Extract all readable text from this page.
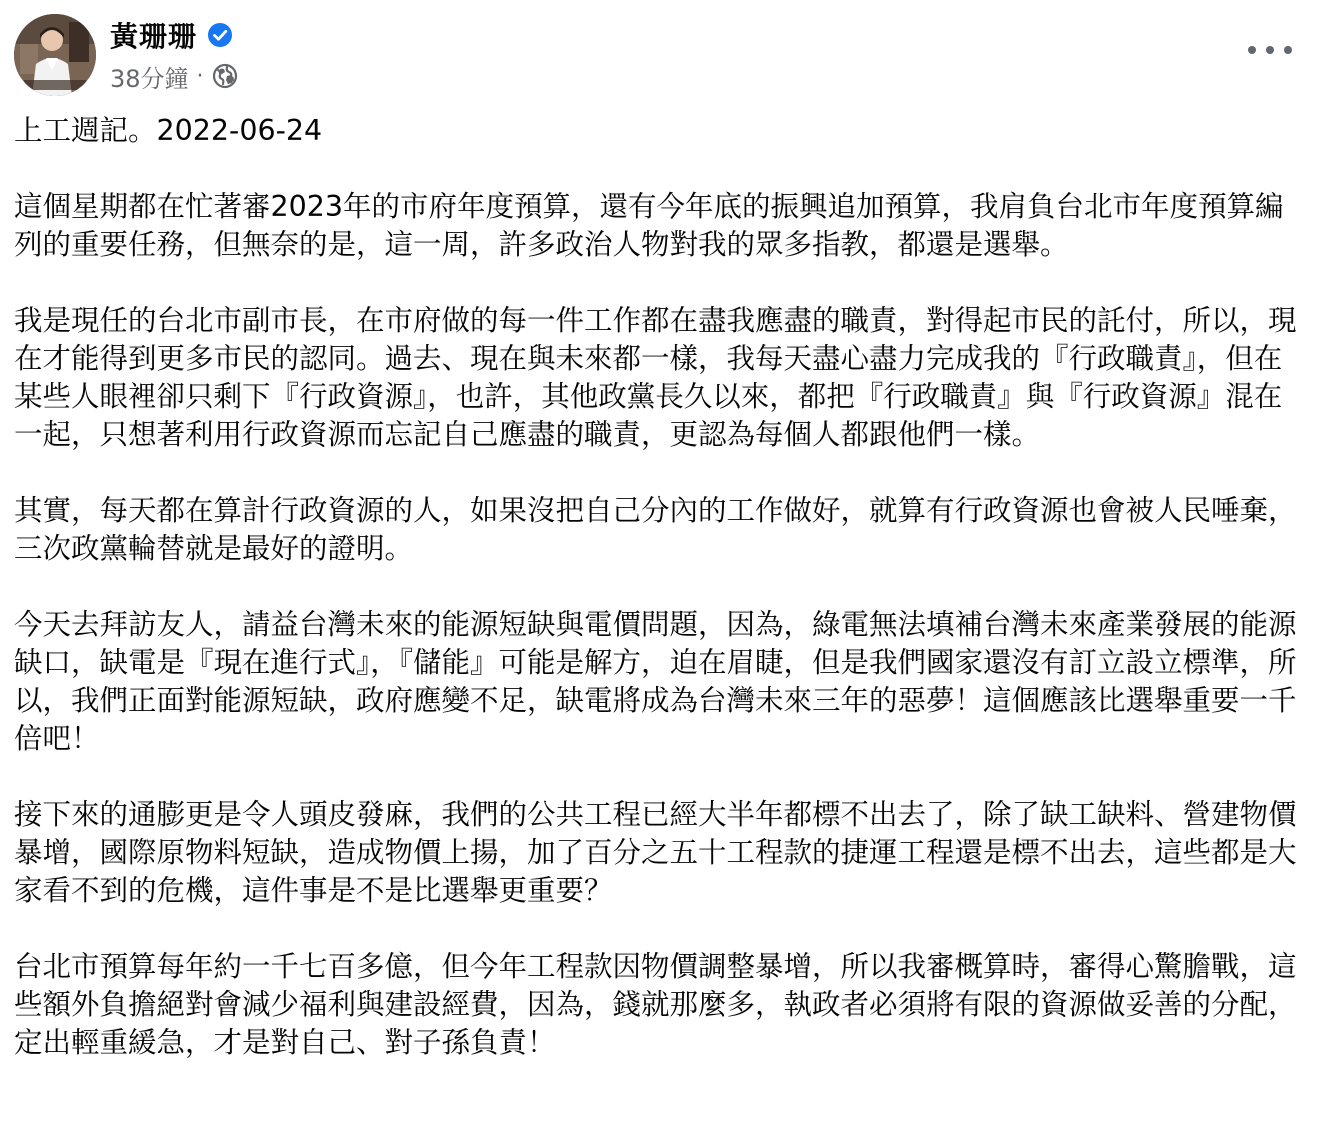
黃珊珊
38分鐘 ·

上工週記。2022-06-24

這個星期都在忙著審2023年的市府年度預算，還有今年底的振興追加預算，我肩負台北市年度預算編列的重要任務，但無奈的是，這一周，許多政治人物對我的眾多指教，都還是選舉。

我是現任的台北市副市長，在市府做的每一件工作都在盡我應盡的職責，對得起市民的託付，所以，現在才能得到更多市民的認同。過去、現在與未來都一樣，我每天盡心盡力完成我的『行政職責』，但在某些人眼裡卻只剩下『行政資源』，也許，其他政黨長久以來，都把『行政職責』與『行政資源』混在一起，只想著利用行政資源而忘記自己應盡的職責，更認為每個人都跟他們一樣。

其實，每天都在算計行政資源的人，如果沒把自己分內的工作做好，就算有行政資源也會被人民唾棄，三次政黨輪替就是最好的證明。

今天去拜訪友人，請益台灣未來的能源短缺與電價問題，因為，綠電無法填補台灣未來產業發展的能源缺口，缺電是『現在進行式』，『儲能』可能是解方，迫在眉睫，但是我們國家還沒有訂立設立標準，所以，我們正面對能源短缺，政府應變不足，缺電將成為台灣未來三年的惡夢！這個應該比選舉重要一千倍吧！

接下來的通膨更是令人頭皮發麻，我們的公共工程已經大半年都標不出去了，除了缺工缺料、營建物價暴增，國際原物料短缺，造成物價上揚，加了百分之五十工程款的捷運工程還是標不出去，這些都是大家看不到的危機，這件事是不是比選舉更重要？

台北市預算每年約一千七百多億，但今年工程款因物價調整暴增，所以我審概算時，審得心驚膽戰，這些額外負擔絕對會減少福利與建設經費，因為，錢就那麼多，執政者必須將有限的資源做妥善的分配，定出輕重緩急，才是對自己、對子孫負責！
